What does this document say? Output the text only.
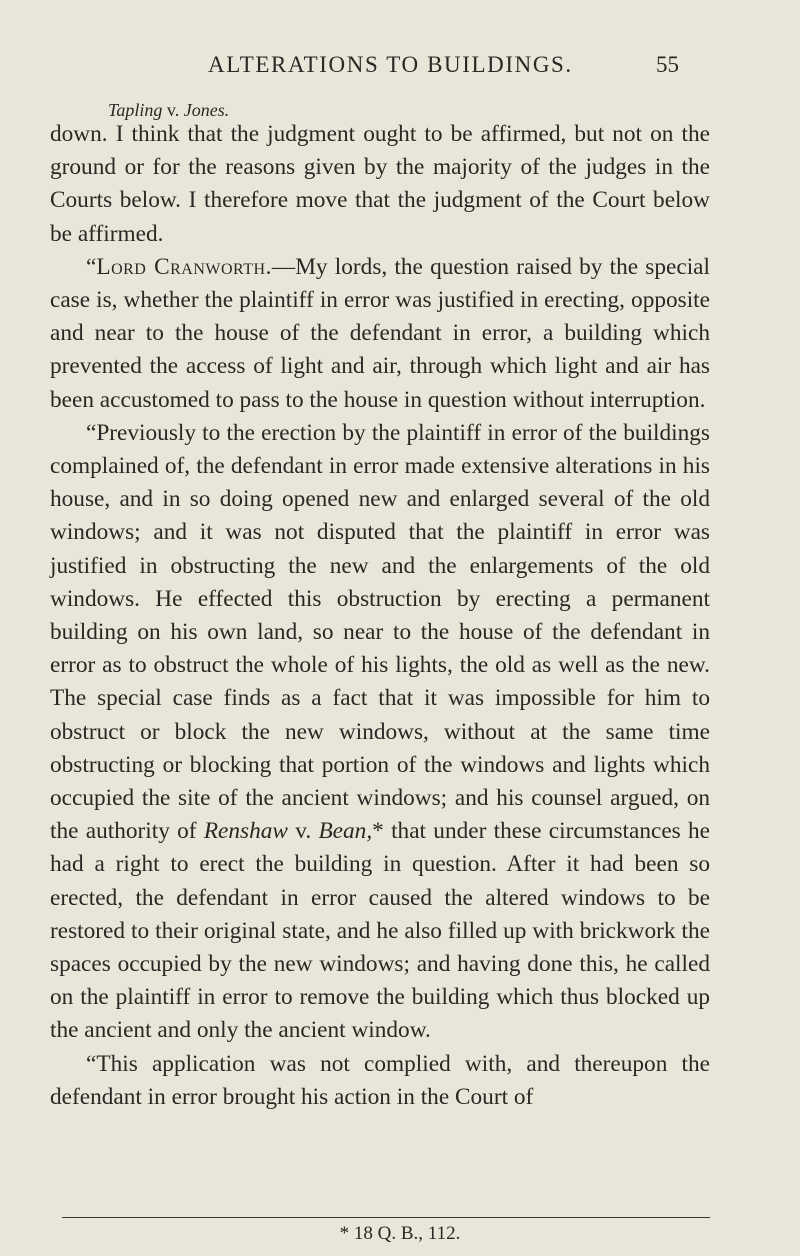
ALTERATIONS TO BUILDINGS.	55
Tapling v. Jones.

down. I think that the judgment ought to be affirmed, but not on the ground or for the reasons given by the majority of the judges in the Courts below. I therefore move that the judgment of the Court below be affirmed.

“Lord Cranworth.—My lords, the question raised by the special case is, whether the plaintiff in error was justified in erecting, opposite and near to the house of the defendant in error, a building which prevented the access of light and air, through which light and air has been accustomed to pass to the house in question without interruption.

“Previously to the erection by the plaintiff in error of the buildings complained of, the defendant in error made extensive alterations in his house, and in so doing opened new and enlarged several of the old windows; and it was not disputed that the plaintiff in error was justified in obstructing the new and the enlargements of the old windows. He effected this obstruction by erecting a permanent building on his own land, so near to the house of the defendant in error as to obstruct the whole of his lights, the old as well as the new. The special case finds as a fact that it was impossible for him to obstruct or block the new windows, without at the same time obstructing or blocking that portion of the windows and lights which occupied the site of the ancient windows; and his counsel argued, on the authority of Renshaw v. Bean,* that under these circumstances he had a right to erect the building in question. After it had been so erected, the defendant in error caused the altered windows to be restored to their original state, and he also filled up with brickwork the spaces occupied by the new windows; and having done this, he called on the plaintiff in error to remove the building which thus blocked up the ancient and only the ancient window.

“This application was not complied with, and thereupon the defendant in error brought his action in the Court of

* 18 Q. B., 112.
